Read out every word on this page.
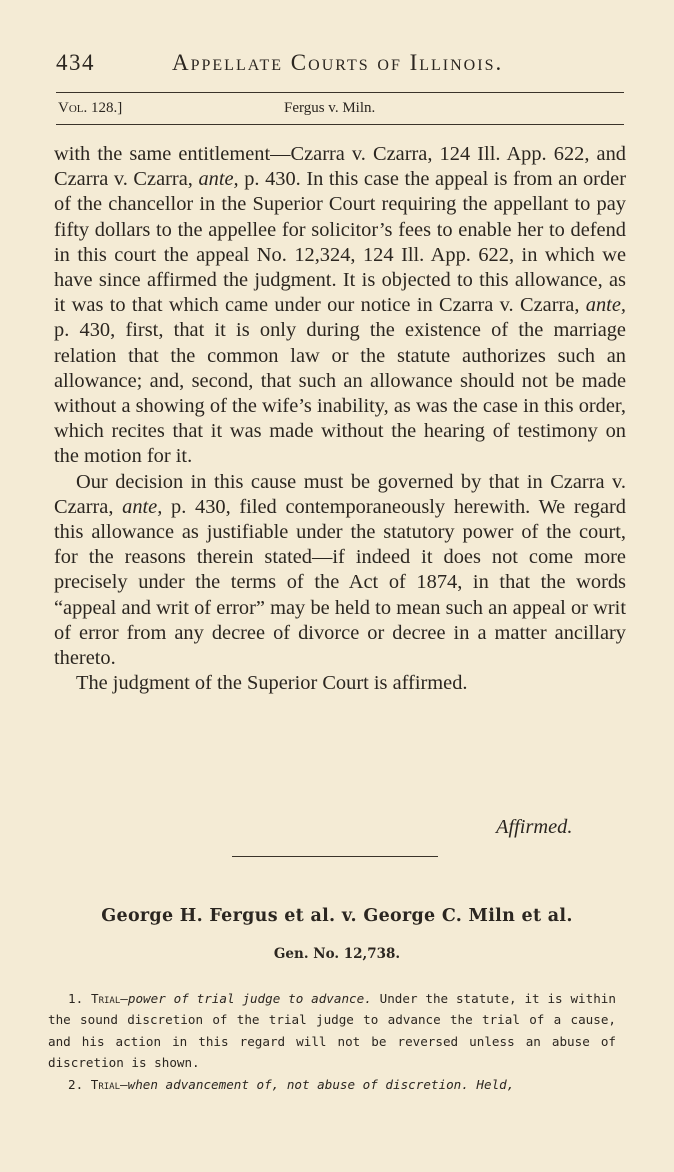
434	Appellate Courts of Illinois.
Vol. 128.]	Fergus v. Miln.

with the same entitlement—Czarra v. Czarra, 124 Ill. App. 622, and Czarra v. Czarra, ante, p. 430. In this case the appeal is from an order of the chancellor in the Superior Court requiring the appellant to pay fifty dollars to the appellee for solicitor’s fees to enable her to defend in this court the appeal No. 12,324, 124 Ill. App. 622, in which we have since affirmed the judgment. It is objected to this allowance, as it was to that which came under our notice in Czarra v. Czarra, ante, p. 430, first, that it is only during the existence of the marriage relation that the common law or the statute authorizes such an allowance; and, second, that such an allowance should not be made without a showing of the wife’s inability, as was the case in this order, which recites that it was made without the hearing of testimony on the motion for it.

Our decision in this cause must be governed by that in Czarra v. Czarra, ante, p. 430, filed contemporaneously herewith. We regard this allowance as justifiable under the statutory power of the court, for the reasons therein stated—if indeed it does not come more precisely under the terms of the Act of 1874, in that the words “appeal and writ of error” may be held to mean such an appeal or writ of error from any decree of divorce or decree in a matter ancillary thereto.

The judgment of the Superior Court is affirmed.

Affirmed.
George H. Fergus et al. v. George C. Miln et al.
Gen. No. 12,738.

1. Trial—power of trial judge to advance. Under the statute, it is within the sound discretion of the trial judge to advance the trial of a cause, and his action in this regard will not be reversed unless an abuse of discretion is shown.

2. Trial—when advancement of, not abuse of discretion. Held,
